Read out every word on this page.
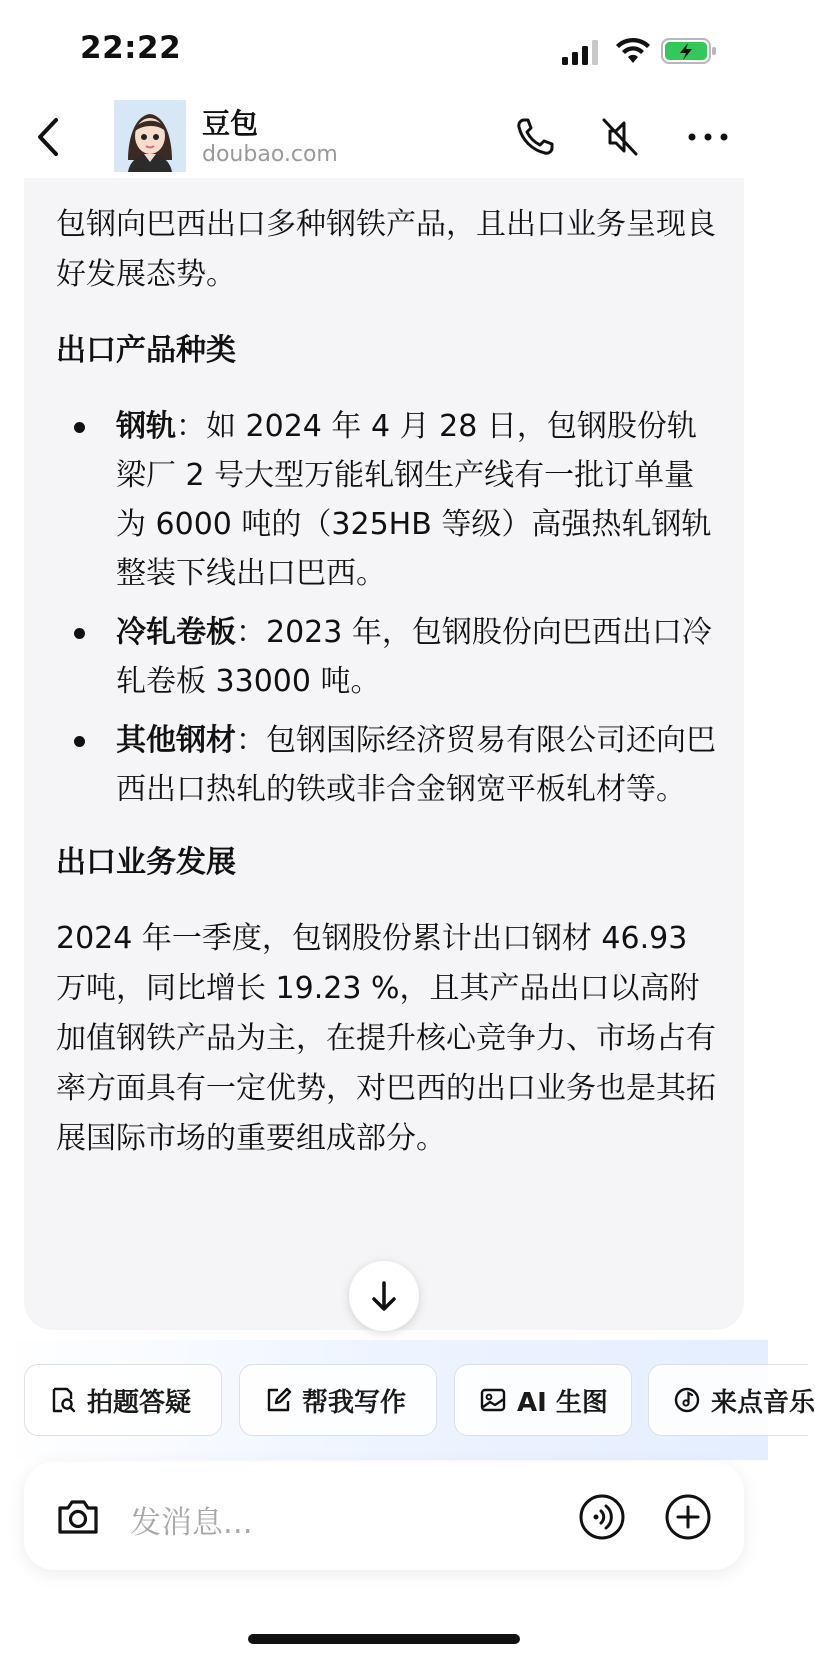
22:22
豆包
doubao.com

包钢向巴西出口多种钢铁产品，且出口业务呈现良好发展态势。

出口产品种类

钢轨：如 2024 年 4 月 28 日，包钢股份轨梁厂 2 号大型万能轧钢生产线有一批订单量为 6000 吨的（325HB 等级）高强热轧钢轨整装下线出口巴西。
冷轧卷板：2023 年，包钢股份向巴西出口冷轧卷板 33000 吨。
其他钢材：包钢国际经济贸易有限公司还向巴西出口热轧的铁或非合金钢宽平板轧材等。

出口业务发展

2024 年一季度，包钢股份累计出口钢材 46.93 万吨，同比增长 19.23 %，且其产品出口以高附加值钢铁产品为主，在提升核心竞争力、市场占有率方面具有一定优势，对巴西的出口业务也是其拓展国际市场的重要组成部分。

拍题答疑	帮我写作	AI 生图	来点音乐
发消息...
